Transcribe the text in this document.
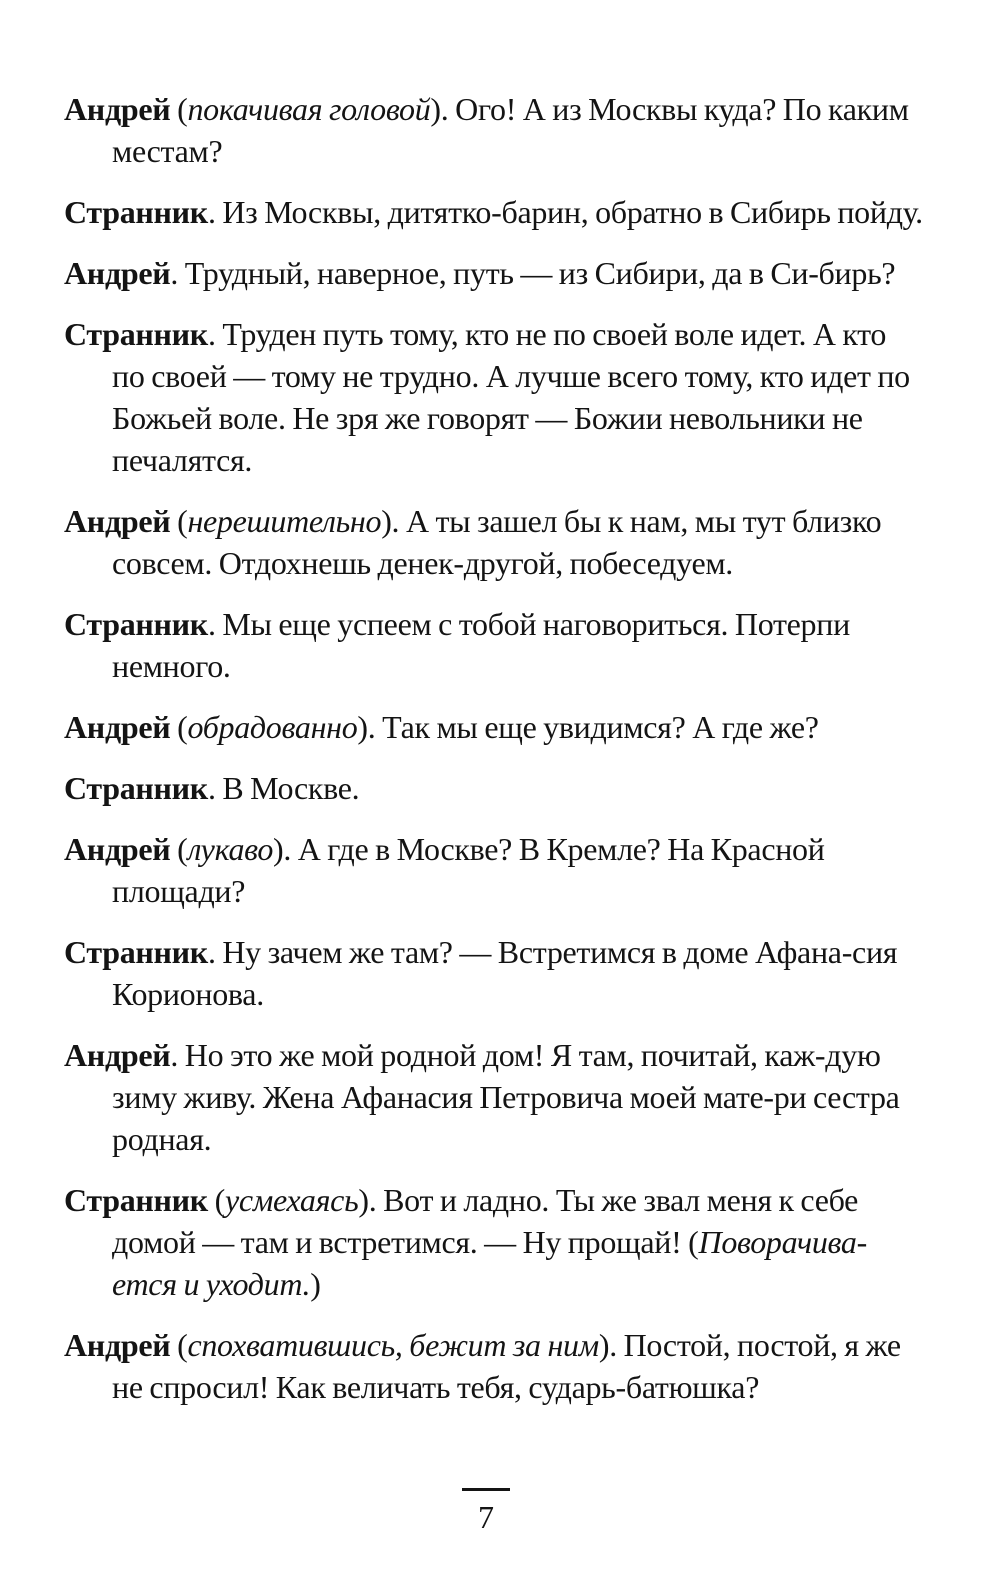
Андрей (покачивая головой). Ого! А из Москвы куда? По каким местам?

Странник. Из Москвы, дитятко-барин, обратно в Сибирь пойду.

Андрей. Трудный, наверное, путь — из Сибири, да в Си-бирь?

Странник. Труден путь тому, кто не по своей воле идет. А кто по своей — тому не трудно. А лучше всего тому, кто идет по Божьей воле. Не зря же говорят — Божии невольники не печалятся.

Андрей (нерешительно). А ты зашел бы к нам, мы тут близко совсем. Отдохнешь денек-другой, побеседуем.

Странник. Мы еще успеем с тобой наговориться. Потерпи немного.

Андрей (обрадованно). Так мы еще увидимся? А где же?

Странник. В Москве.

Андрей (лукаво). А где в Москве? В Кремле? На Красной площади?

Странник. Ну зачем же там? — Встретимся в доме Афана-сия Корионова.

Андрей. Но это же мой родной дом! Я там, почитай, каж-дую зиму живу. Жена Афанасия Петровича моей мате-ри сестра родная.

Странник (усмехаясь). Вот и ладно. Ты же звал меня к себе домой — там и встретимся. — Ну прощай! (Поворачива-ется и уходит.)

Андрей (спохватившись, бежит за ним). Постой, постой, я же не спросил! Как величать тебя, сударь-батюшка?

7
